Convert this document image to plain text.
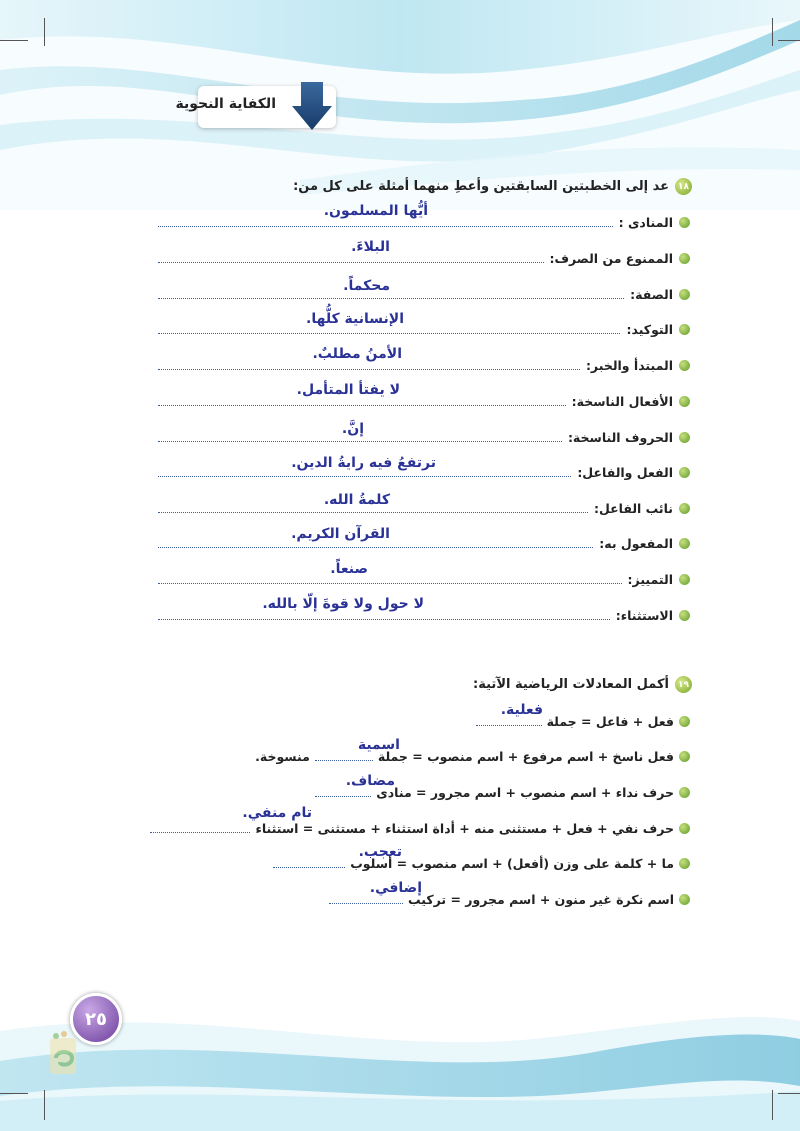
الكفاية النحوية
١٨
عد إلى الخطبتين السابقتين وأعطِ منهما أمثلة على كل من:
المنادى :
أيُّها المسلمون.
الممنوع من الصرف:
البلاءَ.
الصفة:
محكماً.
التوكيد:
الإنسانية كلُّها.
المبتدأ والخبر:
الأمنُ مطلبٌ.
الأفعال الناسخة:
لا يفتأ المتأمل.
الحروف الناسخة:
إنَّ.
الفعل والفاعل:
ترتفعُ فيه رايةُ الدين.
نائب الفاعل:
كلمةُ الله.
المفعول به:
القرآن الكريم.
التمييز:
صنعاً.
الاستثناء:
لا حول ولا قوةَ إلّا بالله.
١٩
أكمل المعادلات الرياضية الآتية:
فعل + فاعل = جملة
فعلية.
فعل ناسخ + اسم مرفوع + اسم منصوب = جملة
منسوخة.
اسمية
حرف نداء + اسم منصوب + اسم مجرور = منادى
مضاف.
حرف نفي + فعل + مستثنى منه + أداة استثناء + مستثنى = استثناء
تام منفي.
ما + كلمة على وزن (أفعل) + اسم منصوب = أسلوب
تعجب.
اسم نكرة غير منون + اسم مجرور = تركيب
إضافي.
٢٥
